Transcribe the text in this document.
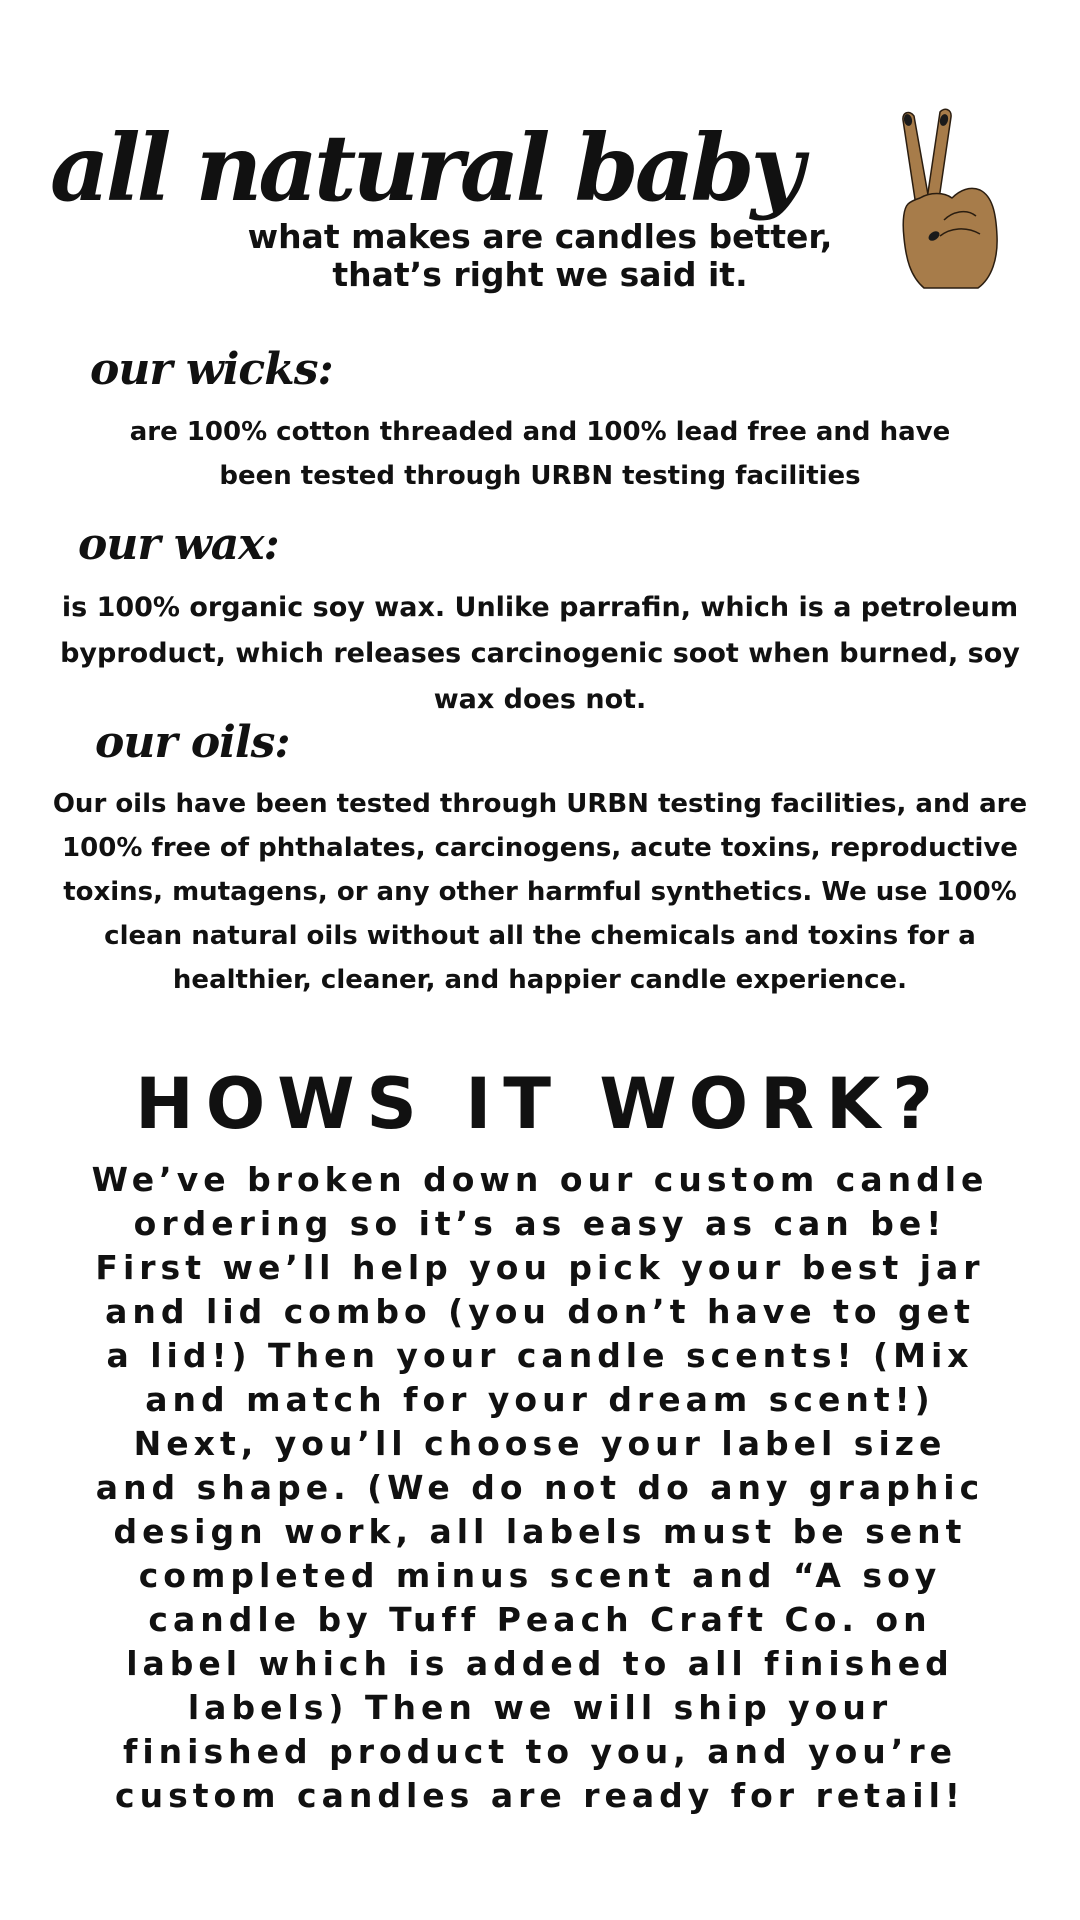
all natural baby
what makes are candles better,
that’s right we said it.
our wicks:

are 100% cotton threaded and 100% lead free and have
been tested through URBN testing facilities

our wax:

is 100% organic soy wax. Unlike parrafin, which is a petroleum
byproduct, which releases carcinogenic soot when burned, soy
wax does not.

our oils:

Our oils have been tested through URBN testing facilities, and are
100% free of phthalates, carcinogens, acute toxins, reproductive
toxins, mutagens, or any other harmful synthetics. We use 100%
clean natural oils without all the chemicals and toxins for a
healthier, cleaner, and happier candle experience.

HOWS IT WORK?

We’ve broken down our custom candle
ordering so it’s as easy as can be!
First we’ll help you pick your best jar
and lid combo (you don’t have to get
a lid!) Then your candle scents! (Mix
and match for your dream scent!)
Next, you’ll choose your label size
and shape. (We do not do any graphic
design work, all labels must be sent
completed minus scent and “A soy
candle by Tuff Peach Craft Co. on
label which is added to all finished
labels) Then we will ship your
finished product to you, and you’re
custom candles are ready for retail!
